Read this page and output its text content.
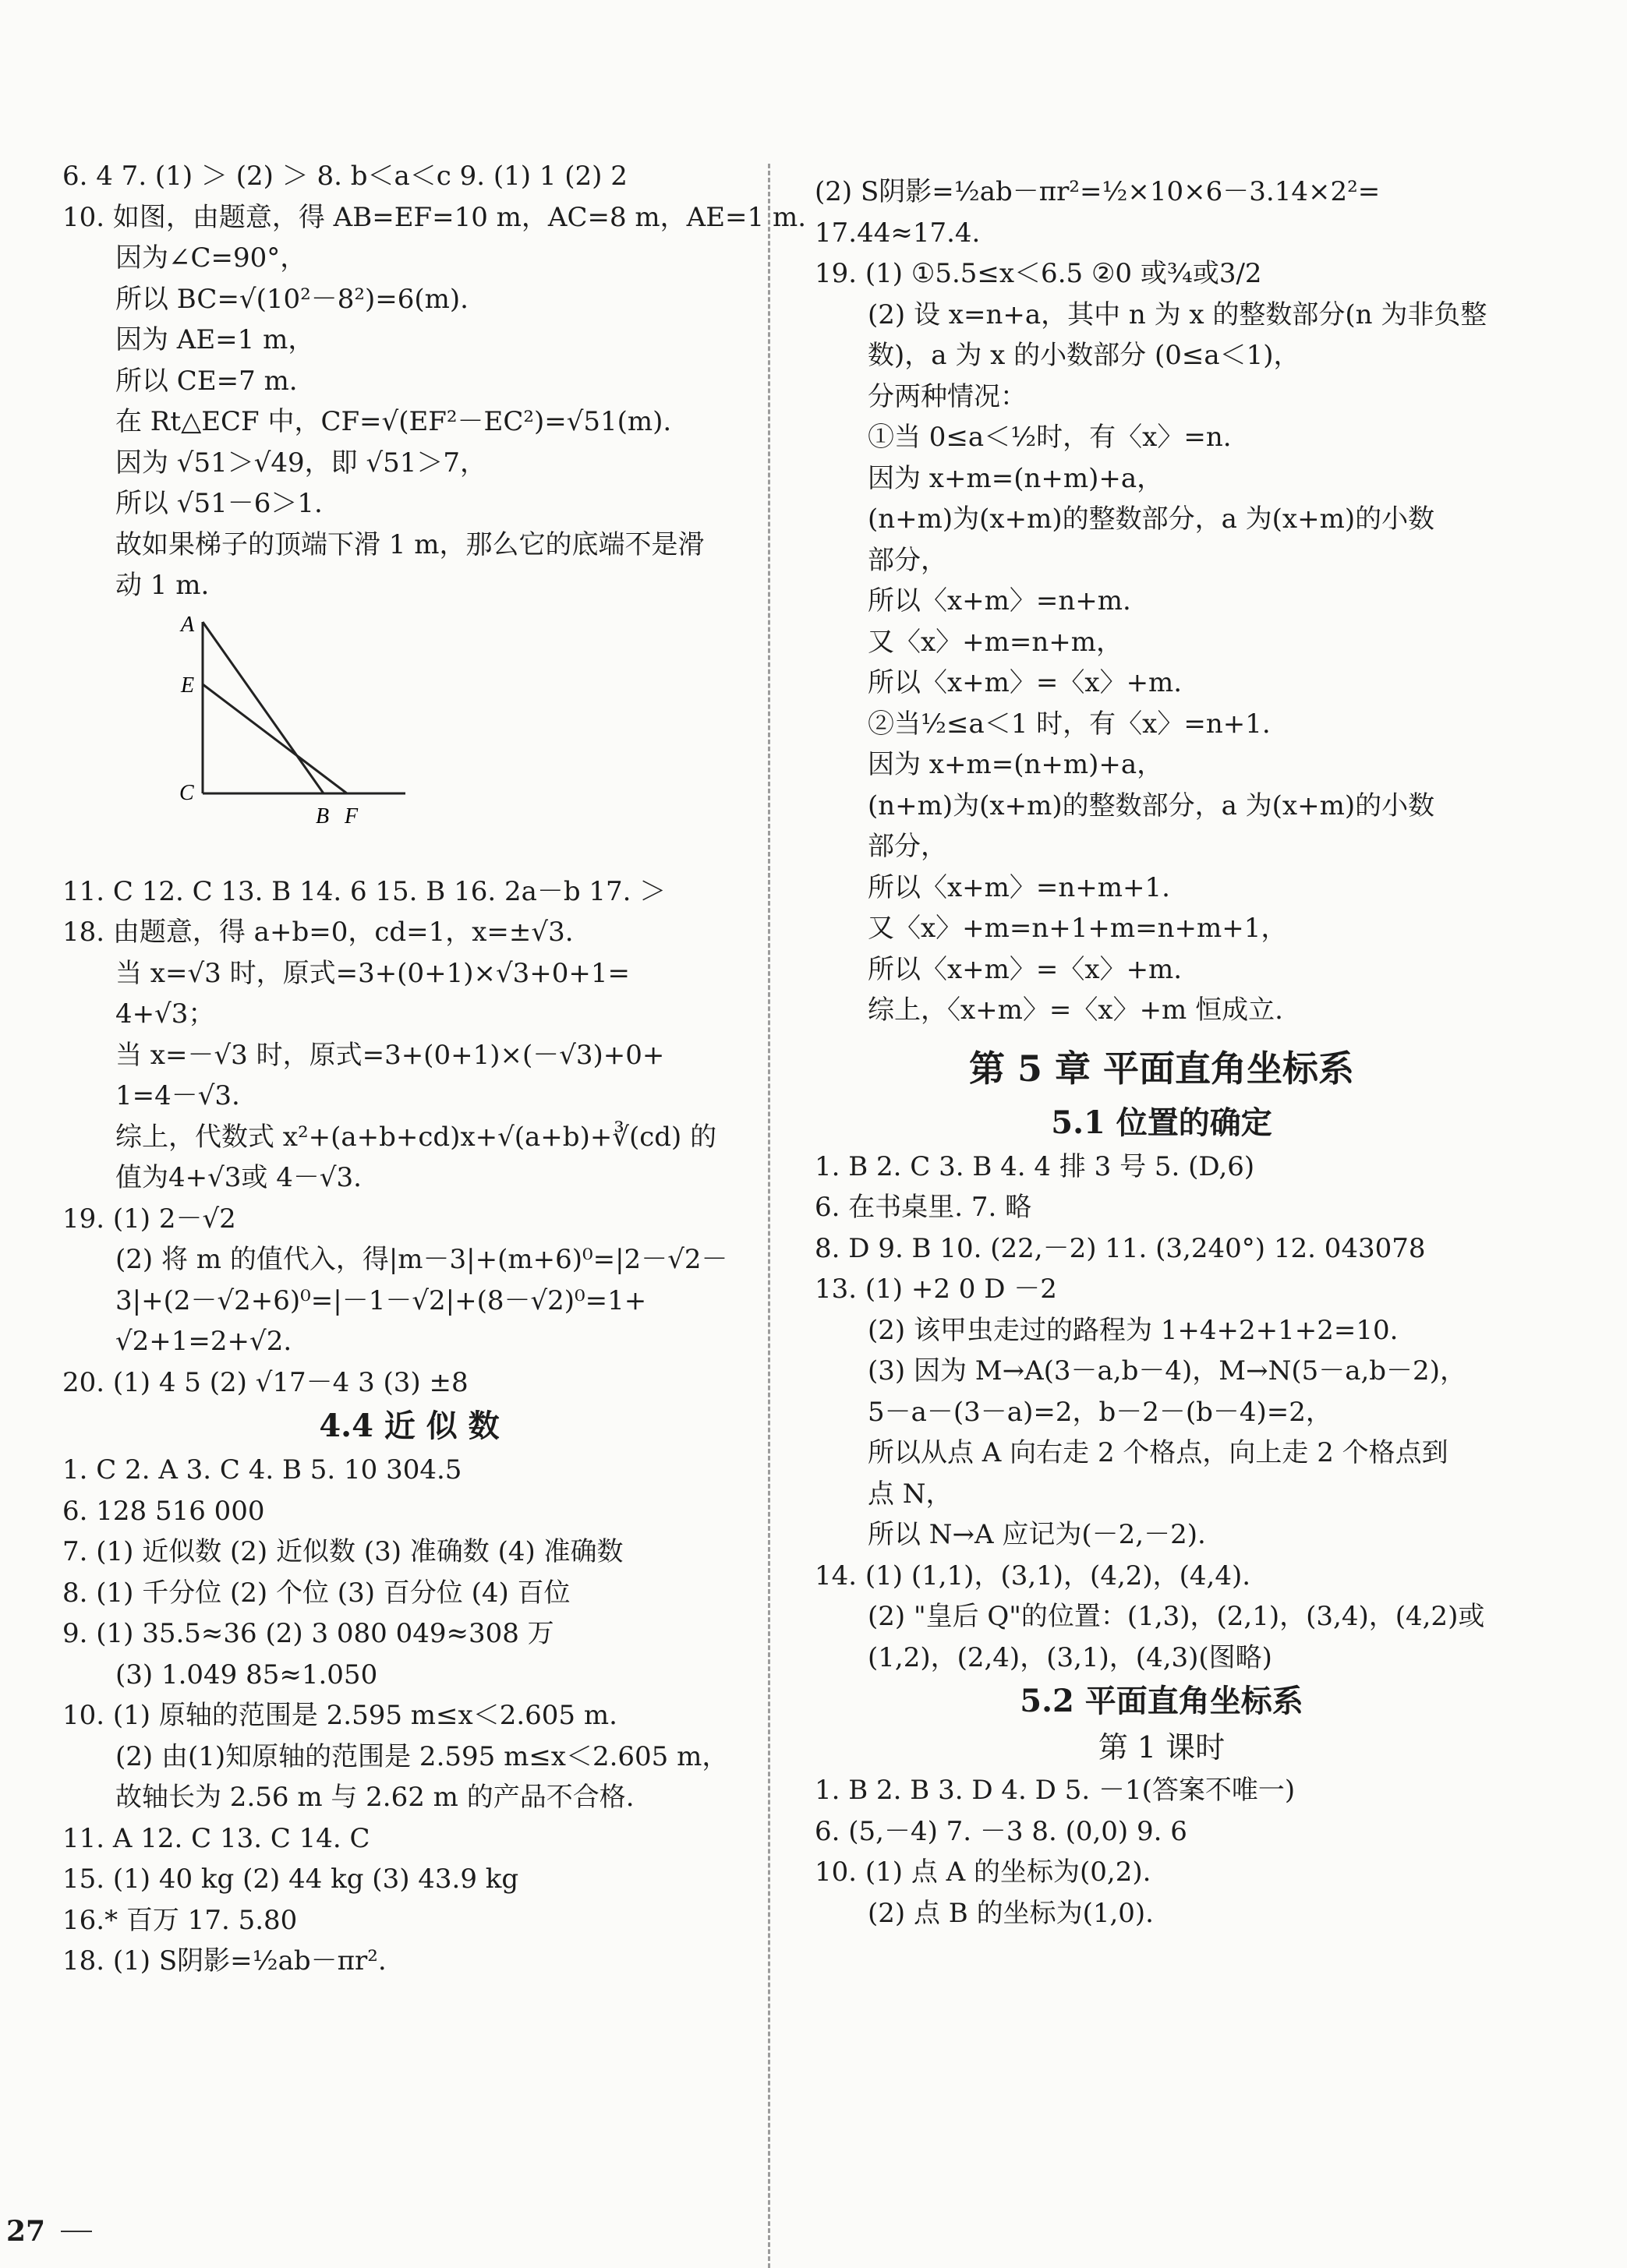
6. 4 7. (1) ＞ (2) ＞ 8. b＜a＜c 9. (1) 1 (2) 2
10. 如图，由题意，得 AB=EF=10 m，AC=8 m，AE=1 m.
因为∠C=90°，
所以 BC=√(10²－8²)=6(m).
因为 AE=1 m，
所以 CE=7 m.
在 Rt△ECF 中，CF=√(EF²－EC²)=√51(m).
因为 √51＞√49，即 √51＞7，
所以 √51－6＞1.
故如果梯子的顶端下滑 1 m，那么它的底端不是滑
动 1 m.
A
E
C
B F
11. C 12. C 13. B 14. 6 15. B 16. 2a－b 17. ＞
18. 由题意，得 a+b=0，cd=1，x=±√3.
当 x=√3 时，原式=3+(0+1)×√3+0+1=
4+√3；
当 x=－√3 时，原式=3+(0+1)×(－√3)+0+
1=4－√3.
综上，代数式 x²+(a+b+cd)x+√(a+b)+∛(cd) 的
值为4+√3或 4－√3.
19. (1) 2－√2
(2) 将 m 的值代入，得|m－3|+(m+6)⁰=|2－√2－
3|+(2－√2+6)⁰=|－1－√2|+(8－√2)⁰=1+
√2+1=2+√2.
20. (1) 4 5 (2) √17－4 3 (3) ±8
4.4 近 似 数
1. C 2. A 3. C 4. B 5. 10 304.5
6. 128 516 000
7. (1) 近似数 (2) 近似数 (3) 准确数 (4) 准确数
8. (1) 千分位 (2) 个位 (3) 百分位 (4) 百位
9. (1) 35.5≈36 (2) 3 080 049≈308 万
(3) 1.049 85≈1.050
10. (1) 原轴的范围是 2.595 m≤x＜2.605 m.
(2) 由(1)知原轴的范围是 2.595 m≤x＜2.605 m，
故轴长为 2.56 m 与 2.62 m 的产品不合格.
11. A 12. C 13. C 14. C
15. (1) 40 kg (2) 44 kg (3) 43.9 kg
16.* 百万 17. 5.80
18. (1) S阴影=½ab－πr².
(2) S阴影=½ab－πr²=½×10×6－3.14×2²=
17.44≈17.4.
19. (1) ①5.5≤x＜6.5 ②0 或¾或3/2
(2) 设 x=n+a，其中 n 为 x 的整数部分(n 为非负整
数)，a 为 x 的小数部分 (0≤a＜1)，
分两种情况：
①当 0≤a＜½时，有〈x〉=n.
因为 x+m=(n+m)+a，
(n+m)为(x+m)的整数部分，a 为(x+m)的小数
部分，
所以〈x+m〉=n+m.
又〈x〉+m=n+m，
所以〈x+m〉=〈x〉+m.
②当½≤a＜1 时，有〈x〉=n+1.
因为 x+m=(n+m)+a，
(n+m)为(x+m)的整数部分，a 为(x+m)的小数
部分，
所以〈x+m〉=n+m+1.
又〈x〉+m=n+1+m=n+m+1，
所以〈x+m〉=〈x〉+m.
综上，〈x+m〉=〈x〉+m 恒成立.
第 5 章 平面直角坐标系
5.1 位置的确定
1. B 2. C 3. B 4. 4 排 3 号 5. (D,6)
6. 在书桌里. 7. 略
8. D 9. B 10. (22,－2) 11. (3,240°) 12. 043078
13. (1) +2 0 D －2
(2) 该甲虫走过的路程为 1+4+2+1+2=10.
(3) 因为 M→A(3－a,b－4)，M→N(5－a,b－2)，
5－a－(3－a)=2，b－2－(b－4)=2，
所以从点 A 向右走 2 个格点，向上走 2 个格点到
点 N，
所以 N→A 应记为(－2,－2).
14. (1) (1,1)，(3,1)，(4,2)，(4,4).
(2) "皇后 Q"的位置：(1,3)，(2,1)，(3,4)，(4,2)或
(1,2)，(2,4)，(3,1)，(4,3)(图略)
5.2 平面直角坐标系
第 1 课时
1. B 2. B 3. D 4. D 5. －1(答案不唯一)
6. (5,－4) 7. －3 8. (0,0) 9. 6
10. (1) 点 A 的坐标为(0,2).
(2) 点 B 的坐标为(1,0).
27
